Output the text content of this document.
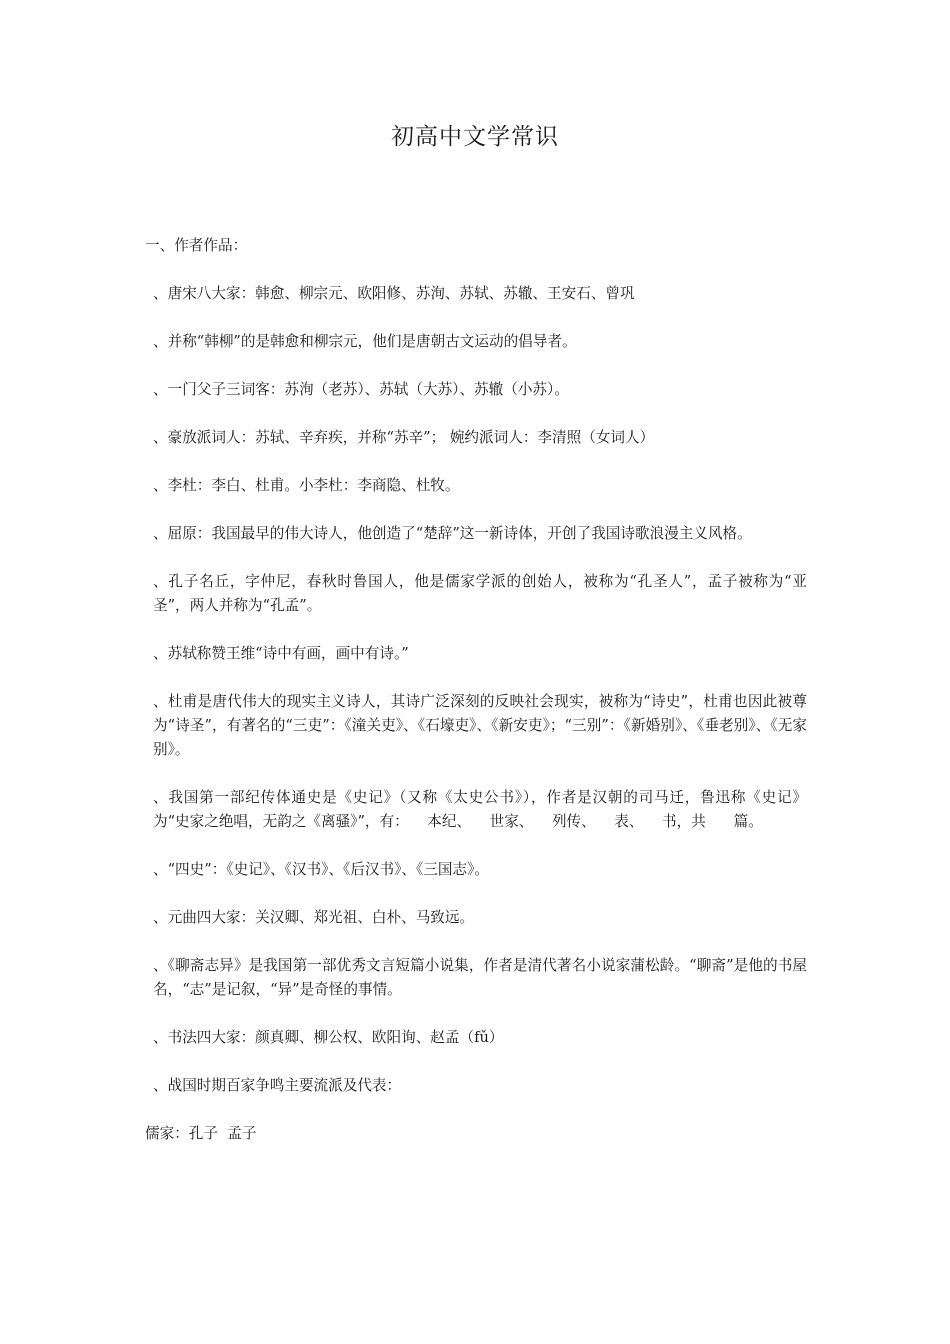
初高中文学常识

一、作者作品：

、唐宋八大家：韩愈、柳宗元、欧阳修、苏洵、苏轼、苏辙、王安石、曾巩

、并称“韩柳”的是韩愈和柳宗元，他们是唐朝古文运动的倡导者。

、一门父子三词客：苏洵（老苏）、苏轼（大苏）、苏辙（小苏）。

、豪放派词人：苏轼、辛弃疾，并称“苏辛”； 婉约派词人：李清照（女词人）

、李杜：李白、杜甫。小李杜：李商隐、杜牧。

、屈原：我国最早的伟大诗人，他创造了“楚辞”这一新诗体，开创了我国诗歌浪漫主义风格。

、孔子名丘，字仲尼，春秋时鲁国人，他是儒家学派的创始人，被称为“孔圣人”，孟子被称为“亚圣”，两人并称为“孔孟”。

、苏轼称赞王维“诗中有画，画中有诗。”

、杜甫是唐代伟大的现实主义诗人，其诗广泛深刻的反映社会现实，被称为“诗史”，杜甫也因此被尊为“诗圣”，有著名的“三吏”：《潼关吏》、《石壕吏》、《新安吏》；“三别”：《新婚别》、《垂老别》、《无家别》。

、我国第一部纪传体通史是《史记》（又称《太史公书》），作者是汉朝的司马迁，鲁迅称《史记》为“史家之绝唱，无韵之《离骚》”，有：    本纪、    世家、    列传、    表、    书，共      篇。

、“四史”：《史记》、《汉书》、《后汉书》、《三国志》。

、元曲四大家：关汉卿、郑光祖、白朴、马致远。

、《聊斋志异》是我国第一部优秀文言短篇小说集，作者是清代著名小说家蒲松龄。“聊斋”是他的书屋名，“志”是记叙，“异”是奇怪的事情。

、书法四大家：颜真卿、柳公权、欧阳询、赵孟（fǔ）

、战国时期百家争鸣主要流派及代表：

儒家：孔子  孟子
